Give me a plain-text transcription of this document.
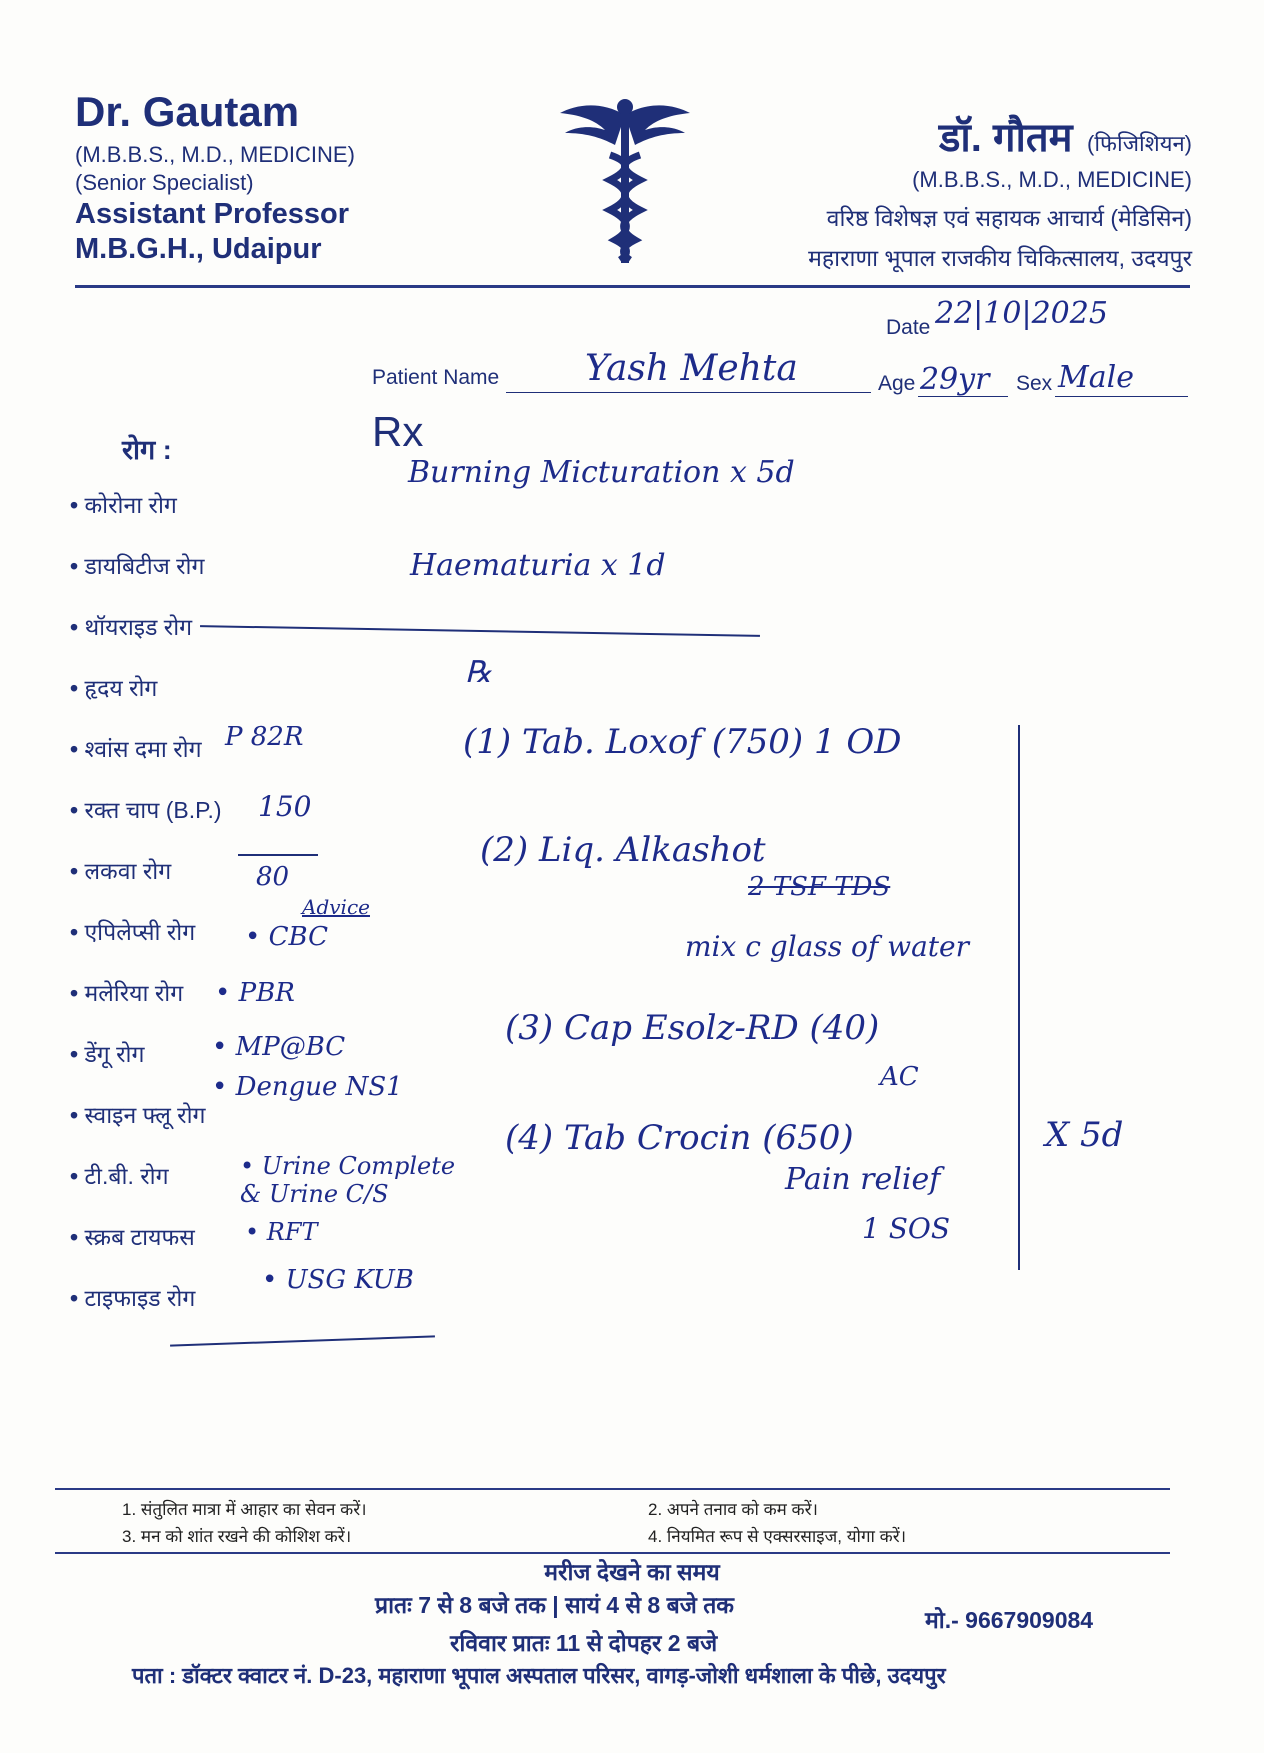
Dr. Gautam
(M.B.B.S., M.D., MEDICINE)
(Senior Specialist)
Assistant Professor
M.B.G.H., Udaipur
डॉ. गौतम (फिजिशियन)
(M.B.B.S., M.D., MEDICINE)
वरिष्ठ विशेषज्ञ एवं सहायक आचार्य (मेडिसिन)
महाराणा भूपाल राजकीय चिकित्सालय, उदयपुर
Date 22|10|2025
Patient Name Yash Mehta	Age 29yr Sex Male
Rx
रोग :
• कोरोना रोग
• डायबिटीज रोग
• थॉयराइड रोग
• हृदय रोग
• श्वांस दमा रोग
• रक्त चाप (B.P.)
• लकवा रोग
• एपिलेप्सी रोग
• मलेरिया रोग
• डेंगू रोग
• स्वाइन फ्लू रोग
• टी.बी. रोग
• स्क्रब टायफस
• टाइफाइड रोग
Burning Micturation x 5d
Haematuria x 1d
P 82R
150
80
Advice
• CBC
• PBR
• MP@BC
• Dengue NS1
• Urine Complete & Urine C/S
• RFT
• USG KUB
℞
(1) Tab. Loxof (750) 1 OD
(2) Liq. Alkashot
2 TSF TDS
mix c glass of water
(3) Cap Esolz-RD (40)
AC
(4) Tab Crocin (650)
Pain relief
1 SOS
X 5d
1. संतुलित मात्रा में आहार का सेवन करें।	2. अपने तनाव को कम करें।
3. मन को शांत रखने की कोशिश करें।	4. नियमित रूप से एक्सरसाइज, योगा करें।
मरीज देखने का समय
प्रातः 7 से 8 बजे तक | सायं 4 से 8 बजे तक
मो.- 9667909084
रविवार प्रातः 11 से दोपहर 2 बजे
पता : डॉक्टर क्वाटर नं. D-23, महाराणा भूपाल अस्पताल परिसर, वागड़-जोशी धर्मशाला के पीछे, उदयपुर
